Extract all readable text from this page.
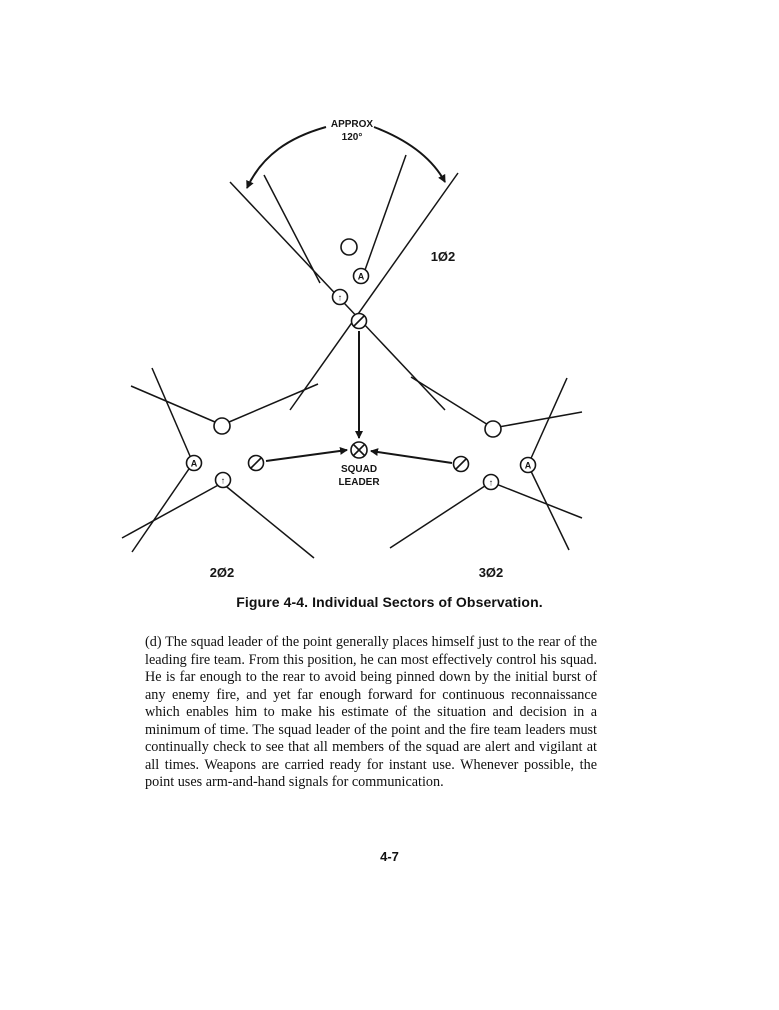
APPROX
120°
A
↑
A
↑
A
↑
SQUAD
LEADER
1Ø2
2Ø2	3Ø2

Figure 4-4. Individual Sectors of Observation.

(d) The squad leader of the point generally places himself just to the rear of the leading fire team. From this position, he can most effectively control his squad. He is far enough to the rear to avoid being pinned down by the initial burst of any enemy fire, and yet far enough forward for continuous reconnaissance which enables him to make his estimate of the situation and decision in a minimum of time. The squad leader of the point and the fire team leaders must continually check to see that all members of the squad are alert and vigilant at all times. Weapons are carried ready for instant use. Whenever possible, the point uses arm-and-hand signals for communication.

4-7
